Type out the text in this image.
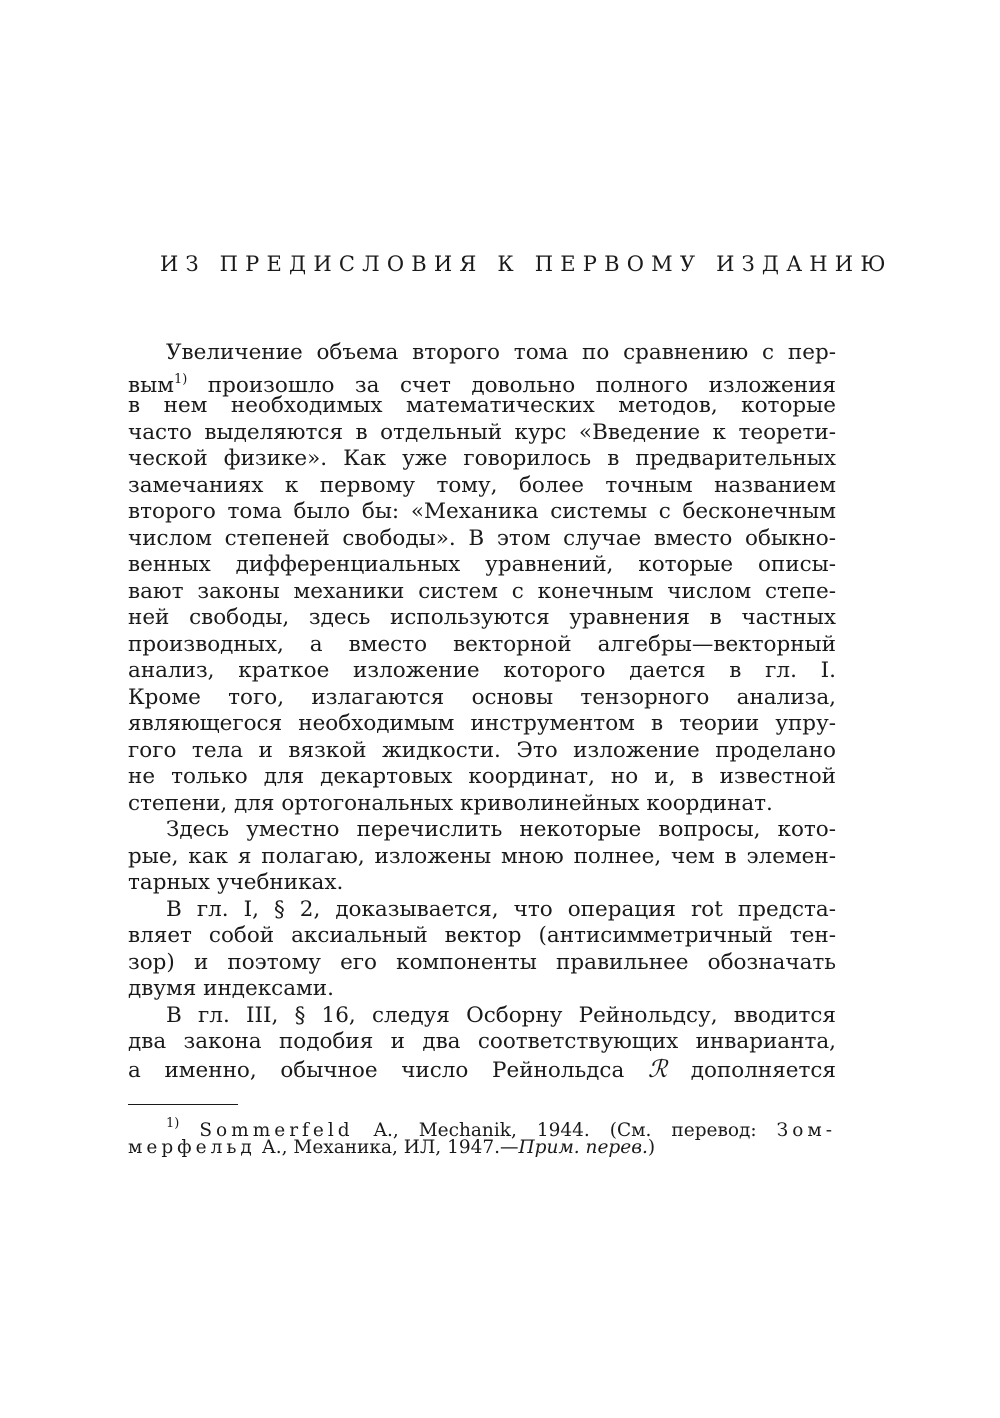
ИЗ ПРЕДИСЛОВИЯ К ПЕРВОМУ ИЗДАНИЮ
Увеличение объема второго тома по сравнению с пер-
вым$^{1)}$ произошло за счет довольно полного изложения
в нем необходимых математических методов, которые
часто выделяются в отдельный курс «Введение к теорети-
ческой физике». Как уже говорилось в предварительных
замечаниях к первому тому, более точным названием
второго тома было бы: «Механика системы с бесконечным
числом степеней свободы». В этом случае вместо обыкно-
венных дифференциальных уравнений, которые описы-
вают законы механики систем с конечным числом степе-
ней свободы, здесь используются уравнения в частных
производных, а вместо векторной алгебры—векторный
анализ, краткое изложение которого дается в гл. I.
Кроме того, излагаются основы тензорного анализа,
являющегося необходимым инструментом в теории упру-
гого тела и вязкой жидкости. Это изложение проделано
не только для декартовых координат, но и, в известной
степени, для ортогональных криволинейных координат.
Здесь уместно перечислить некоторые вопросы, кото-
рые, как я полагаю, изложены мною полнее, чем в элемен-
тарных учебниках.
В гл. I, § 2, доказывается, что операция rot предста-
вляет собой аксиальный вектор (антисимметричный тен-
зор) и поэтому его компоненты правильнее обозначать
двумя индексами.
В гл. III, § 16, следуя Осборну Рейнольдсу, вводится
два закона подобия и два соответствующих инварианта,
а именно, обычное число Рейнольдса ℛ дополняется
$^{1)}$ Sommerfeld A., Mechanik, 1944. (См. перевод: Зом-
мерфельд А., Механика, ИЛ, 1947.—Прим. перев.)
